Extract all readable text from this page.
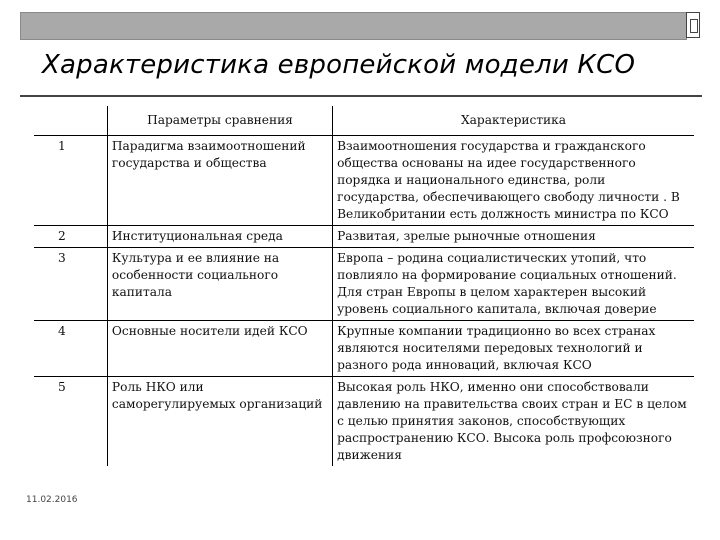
Характеристика европейской модели КСО
	Параметры сравнения	Характеристика
1	Парадигма взаимоотношений государства и общества	Взаимоотношения государства и гражданского общества основаны на идее государственного порядка и национального единства, роли государства, обеспечивающего свободу личности . В Великобритании есть должность министра по КСО
2	Институциональная среда	Развитая, зрелые рыночные отношения
3	Культура и ее влияние на особенности социального капитала	Европа – родина социалистических утопий, что повлияло на формирование социальных отношений. Для стран Европы в целом характерен высокий уровень социального капитала, включая доверие
4	Основные носители идей КСО	Крупные компании традиционно во всех странах являются носителями передовых технологий и разного рода инноваций, включая КСО
5	Роль НКО или саморегулируемых организаций	Высокая роль НКО, именно они способствовали давлению на правительства своих стран и ЕС в целом с целью принятия законов, способствующих распространению КСО. Высока роль профсоюзного движения
11.02.2016
